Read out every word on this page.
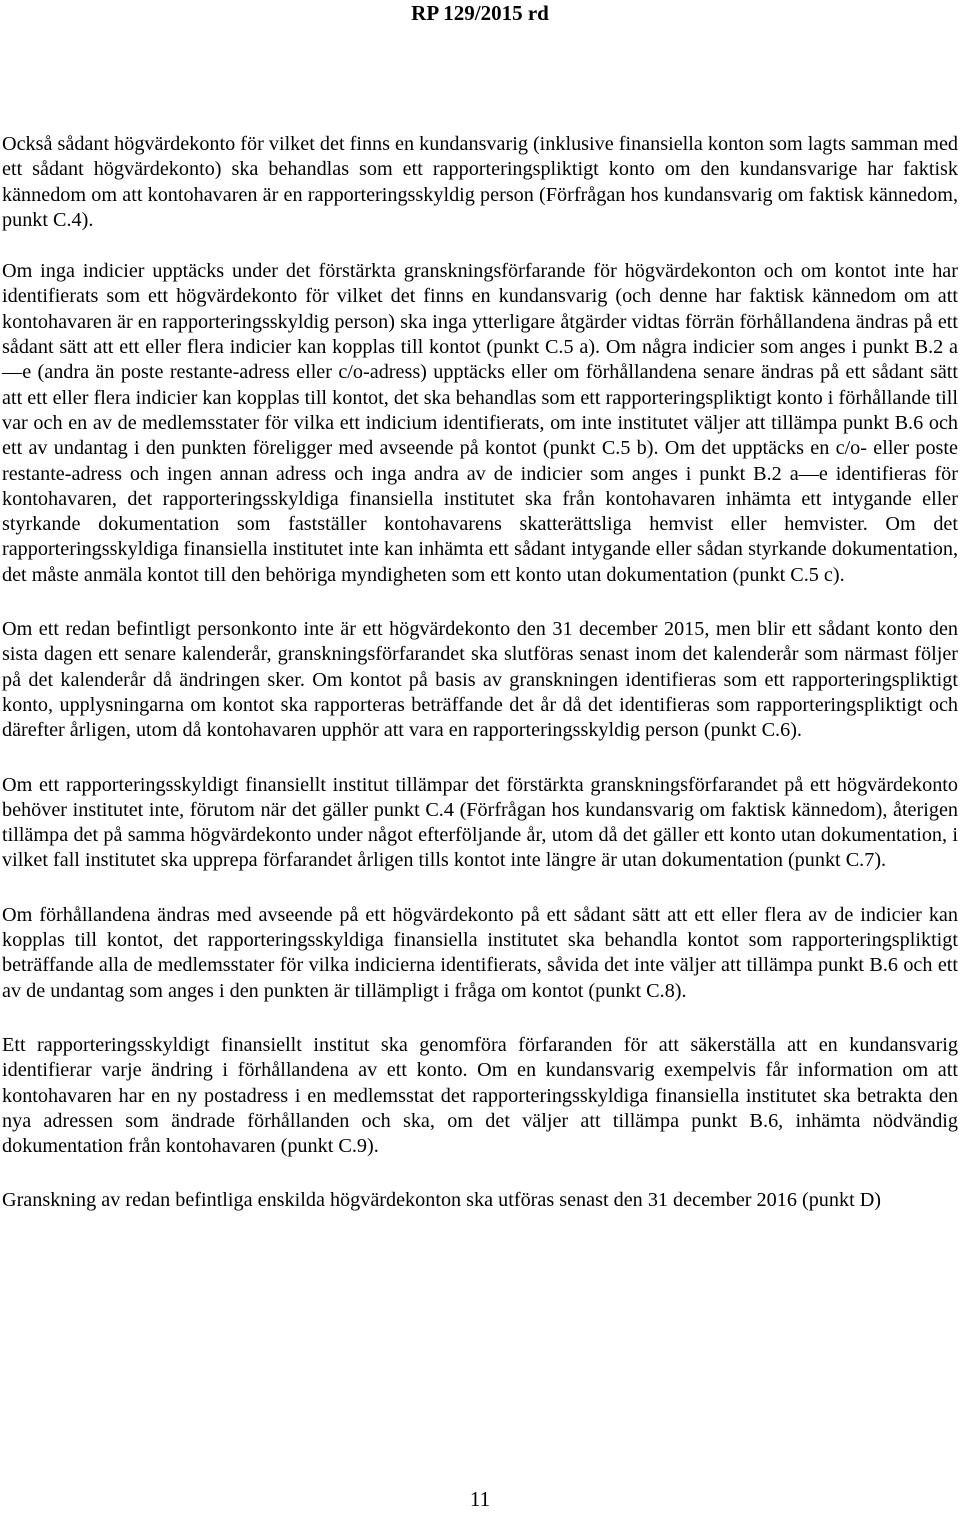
RP 129/2015 rd

Också sådant högvärdekonto för vilket det finns en kundansvarig (inklusive finansiella konton som lagts samman med ett sådant högvärdekonto) ska behandlas som ett rapporteringspliktigt konto om den kundansvarige har faktisk kännedom om att kontohavaren är en rapporteringsskyldig person (Förfrågan hos kundansvarig om faktisk kännedom, punkt C.4).

Om inga indicier upptäcks under det förstärkta granskningsförfarande för högvärdekonton och om kontot inte har identifierats som ett högvärdekonto för vilket det finns en kundansvarig (och denne har faktisk kännedom om att kontohavaren är en rapporteringsskyldig person) ska inga ytterligare åtgärder vidtas förrän förhållandena ändras på ett sådant sätt att ett eller flera indicier kan kopplas till kontot (punkt C.5 a). Om några indicier som anges i punkt B.2 a—e (andra än poste restante-adress eller c/o-adress) upptäcks eller om förhållandena senare ändras på ett sådant sätt att ett eller flera indicier kan kopplas till kontot, det ska behandlas som ett rapporteringspliktigt konto i förhållande till var och en av de medlemsstater för vilka ett indicium identifierats, om inte institutet väljer att tillämpa punkt B.6 och ett av undantag i den punkten föreligger med avseende på kontot (punkt C.5 b). Om det upptäcks en c/o- eller poste restante-adress och ingen annan adress och inga andra av de indicier som anges i punkt B.2 a—e identifieras för kontohavaren, det rapporteringsskyldiga finansiella institutet ska från kontohavaren inhämta ett intygande eller styrkande dokumentation som fastställer kontohavarens skatterättsliga hemvist eller hemvister. Om det rapporteringsskyldiga finansiella institutet inte kan inhämta ett sådant intygande eller sådan styrkande dokumentation, det måste anmäla kontot till den behöriga myndigheten som ett konto utan dokumentation (punkt C.5 c).

Om ett redan befintligt personkonto inte är ett högvärdekonto den 31 december 2015, men blir ett sådant konto den sista dagen ett senare kalenderår, granskningsförfarandet ska slutföras senast inom det kalenderår som närmast följer på det kalenderår då ändringen sker. Om kontot på basis av granskningen identifieras som ett rapporteringspliktigt konto, upplysningarna om kontot ska rapporteras beträffande det år då det identifieras som rapporteringspliktigt och därefter årligen, utom då kontohavaren upphör att vara en rapporteringsskyldig person (punkt C.6).

Om ett rapporteringsskyldigt finansiellt institut tillämpar det förstärkta granskningsförfarandet på ett högvärdekonto behöver institutet inte, förutom när det gäller punkt C.4 (Förfrågan hos kundansvarig om faktisk kännedom), återigen tillämpa det på samma högvärdekonto under något efterföljande år, utom då det gäller ett konto utan dokumentation, i vilket fall institutet ska upprepa förfarandet årligen tills kontot inte längre är utan dokumentation (punkt C.7).

Om förhållandena ändras med avseende på ett högvärdekonto på ett sådant sätt att ett eller flera av de indicier kan kopplas till kontot, det rapporteringsskyldiga finansiella institutet ska behandla kontot som rapporteringspliktigt beträffande alla de medlemsstater för vilka indicierna identifierats, såvida det inte väljer att tillämpa punkt B.6 och ett av de undantag som anges i den punkten är tillämpligt i fråga om kontot (punkt C.8).

Ett rapporteringsskyldigt finansiellt institut ska genomföra förfaranden för att säkerställa att en kundansvarig identifierar varje ändring i förhållandena av ett konto. Om en kundansvarig exempelvis får information om att kontohavaren har en ny postadress i en medlemsstat det rapporteringsskyldiga finansiella institutet ska betrakta den nya adressen som ändrade förhållanden och ska, om det väljer att tillämpa punkt B.6, inhämta nödvändig dokumentation från kontohavaren (punkt C.9).

Granskning av redan befintliga enskilda högvärdekonton ska utföras senast den 31 december 2016 (punkt D)

11
